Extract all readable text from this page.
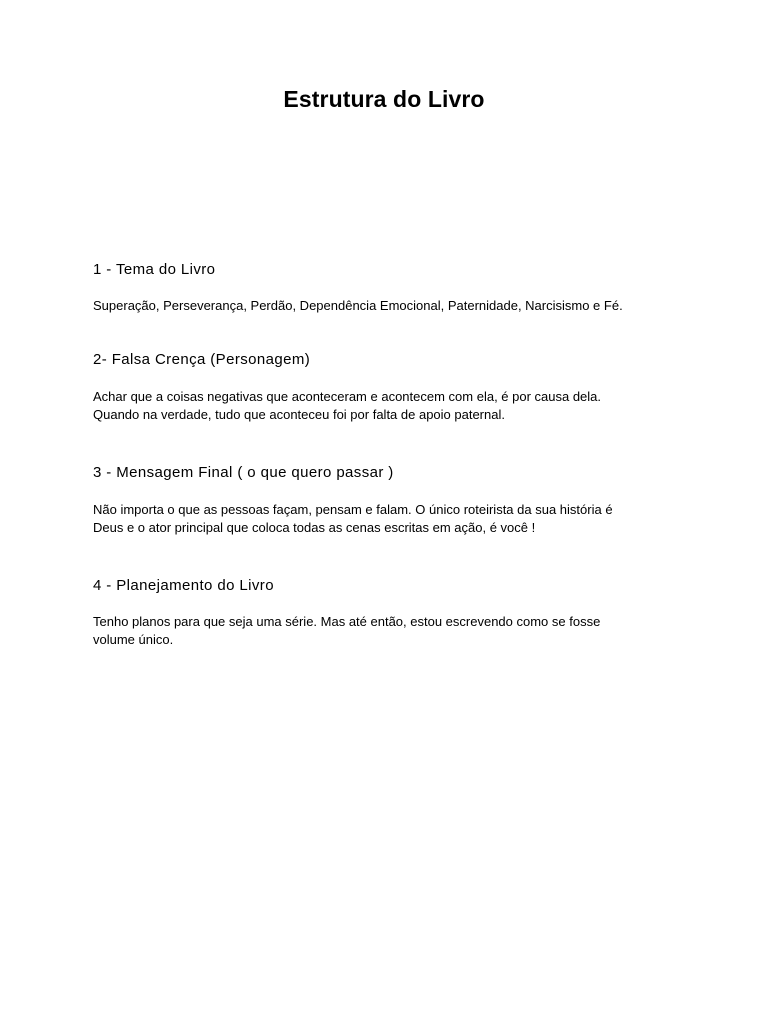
Estrutura do Livro

1 - Tema do Livro

Superação, Perseverança, Perdão, Dependência Emocional, Paternidade, Narcisismo e Fé.

2- Falsa Crença (Personagem)

Achar que a coisas negativas que aconteceram e acontecem com ela, é por causa dela.
Quando na verdade, tudo que aconteceu foi por falta de apoio paternal.

3 - Mensagem Final ( o que quero passar )

Não importa o que as pessoas façam, pensam e falam. O único roteirista da sua história é
Deus e o ator principal que coloca todas as cenas escritas em ação, é você !

4 - Planejamento do Livro

Tenho planos para que seja uma série. Mas até então, estou escrevendo como se fosse
volume único.
